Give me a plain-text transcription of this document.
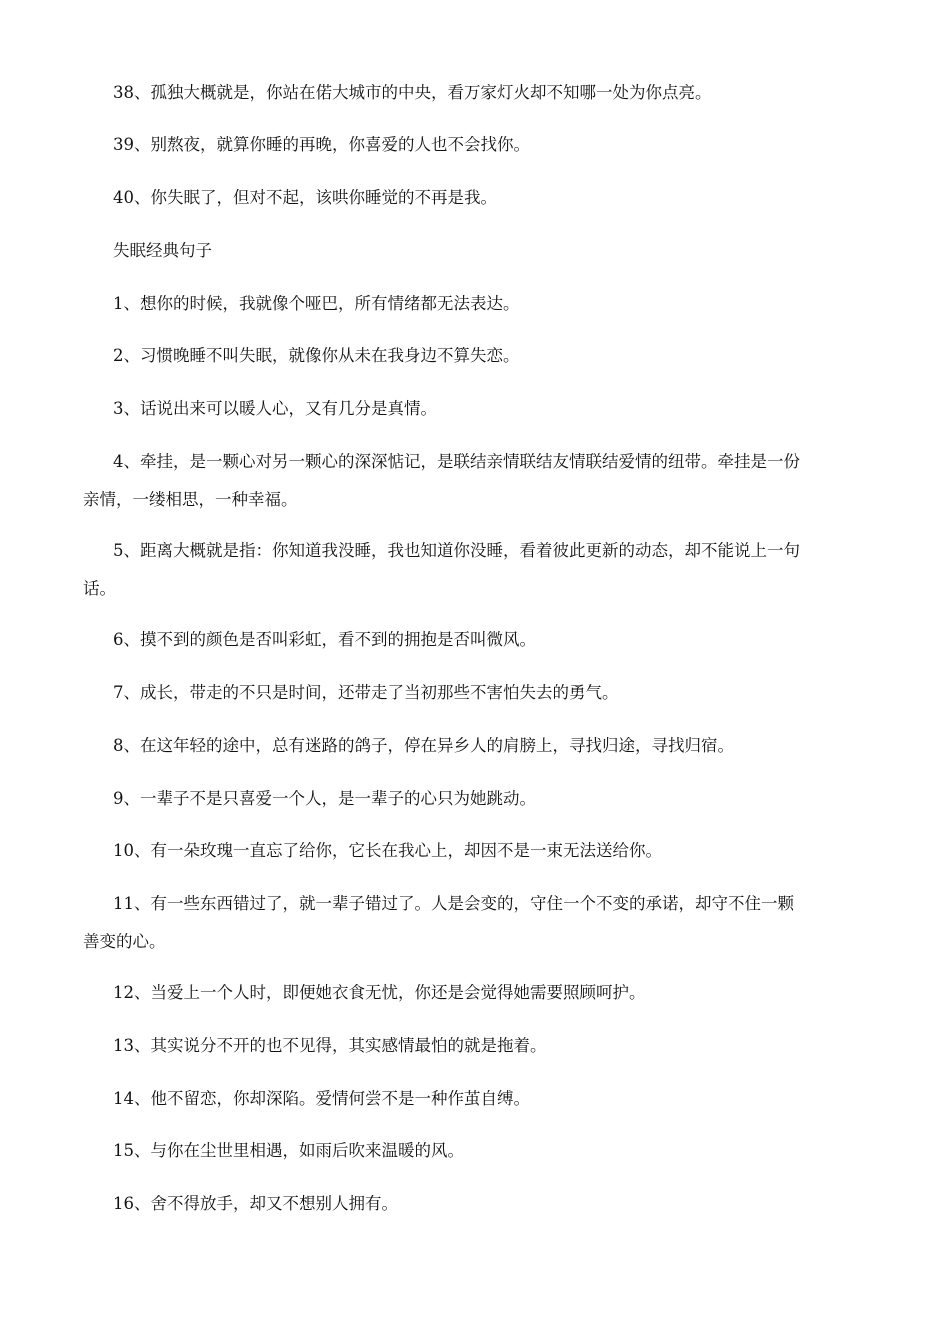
38、孤独大概就是，你站在偌大城市的中央，看万家灯火却不知哪一处为你点亮。

39、别熬夜，就算你睡的再晚，你喜爱的人也不会找你。

40、你失眠了，但对不起，该哄你睡觉的不再是我。

失眠经典句子

1、想你的时候，我就像个哑巴，所有情绪都无法表达。

2、习惯晚睡不叫失眠，就像你从未在我身边不算失恋。

3、话说出来可以暖人心，又有几分是真情。

4、牵挂，是一颗心对另一颗心的深深惦记，是联结亲情联结友情联结爱情的纽带。牵挂是一份

亲情，一缕相思，一种幸福。

5、距离大概就是指：你知道我没睡，我也知道你没睡，看着彼此更新的动态，却不能说上一句

话。

6、摸不到的颜色是否叫彩虹，看不到的拥抱是否叫微风。

7、成长，带走的不只是时间，还带走了当初那些不害怕失去的勇气。

8、在这年轻的途中，总有迷路的鸽子，停在异乡人的肩膀上，寻找归途，寻找归宿。

9、一辈子不是只喜爱一个人，是一辈子的心只为她跳动。

10、有一朵玫瑰一直忘了给你，它长在我心上，却因不是一束无法送给你。

11、有一些东西错过了，就一辈子错过了。人是会变的，守住一个不变的承诺，却守不住一颗

善变的心。

12、当爱上一个人时，即便她衣食无忧，你还是会觉得她需要照顾呵护。

13、其实说分不开的也不见得，其实感情最怕的就是拖着。

14、他不留恋，你却深陷。爱情何尝不是一种作茧自缚。

15、与你在尘世里相遇，如雨后吹来温暖的风。

16、舍不得放手，却又不想别人拥有。
